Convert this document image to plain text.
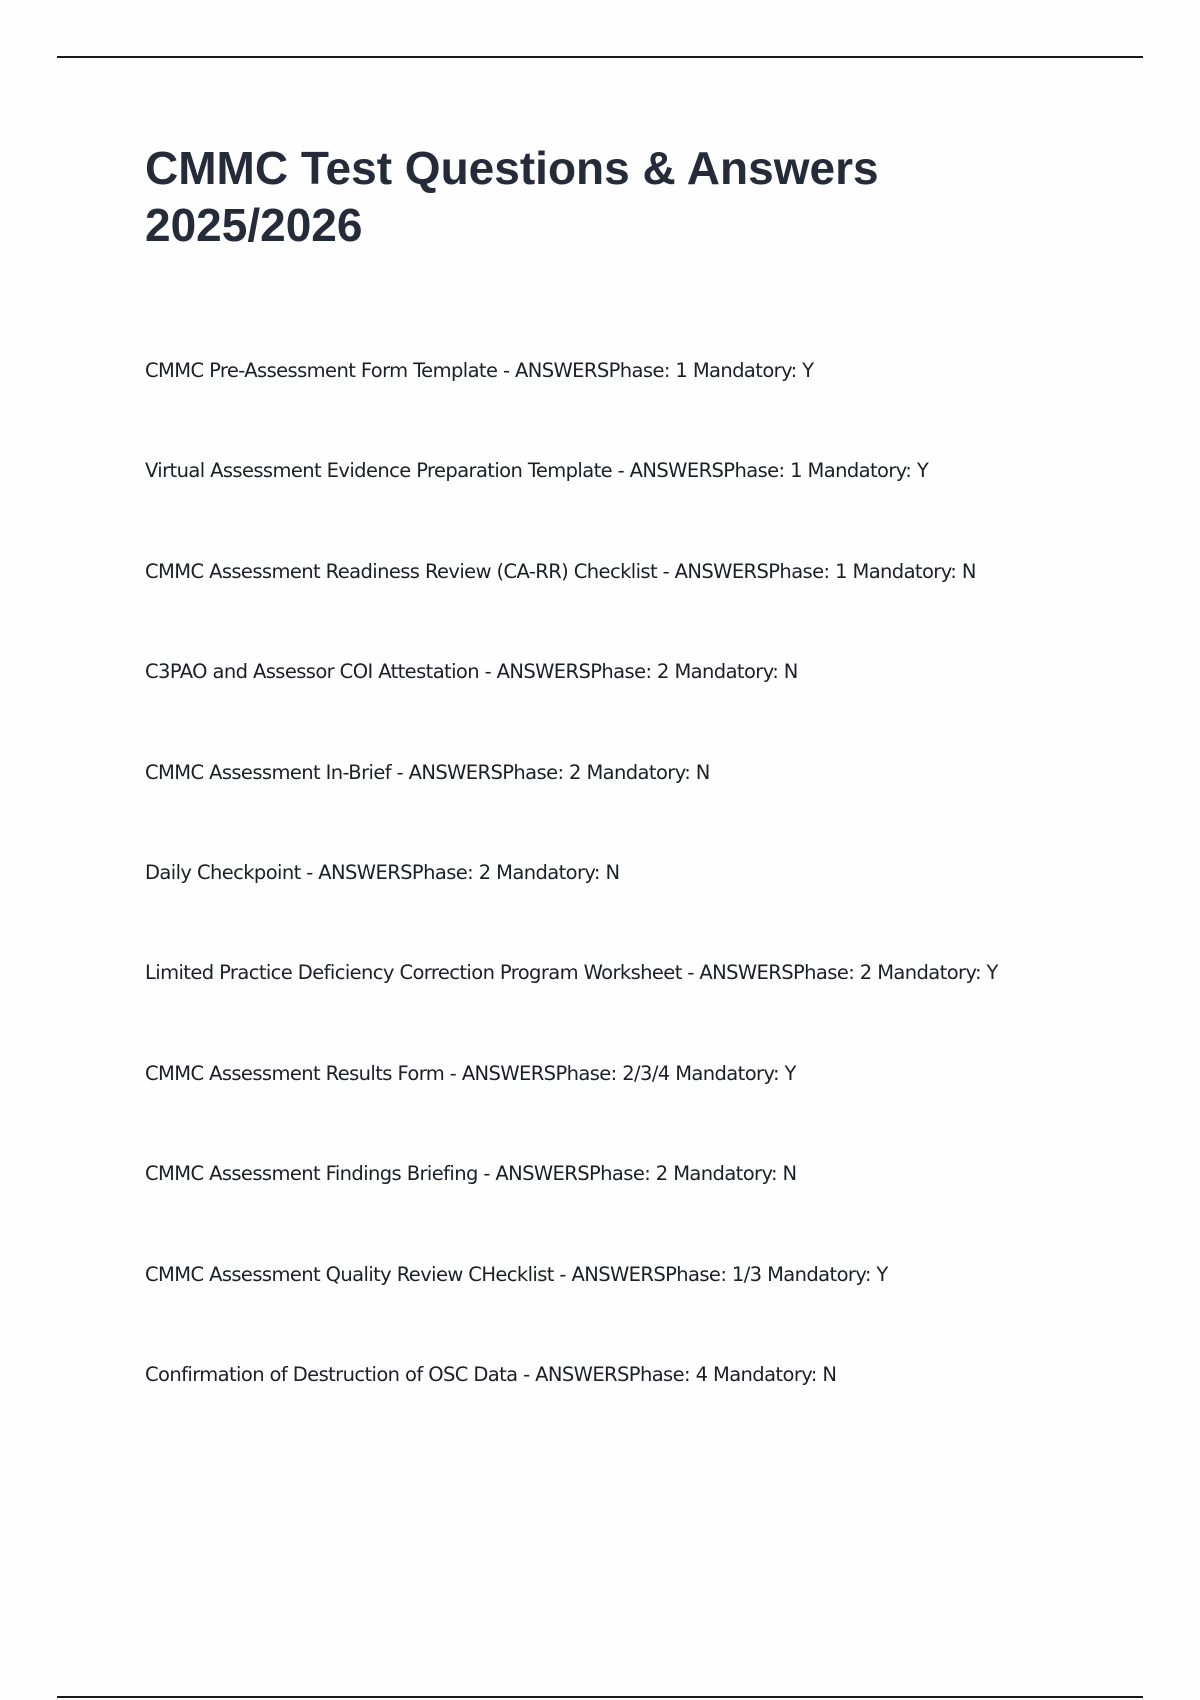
CMMC Test Questions & Answers
2025/2026
CMMC Pre-Assessment Form Template - ANSWERSPhase: 1 Mandatory: Y
Virtual Assessment Evidence Preparation Template - ANSWERSPhase: 1 Mandatory: Y
CMMC Assessment Readiness Review (CA-RR) Checklist - ANSWERSPhase: 1 Mandatory: N
C3PAO and Assessor COI Attestation - ANSWERSPhase: 2 Mandatory: N
CMMC Assessment In-Brief - ANSWERSPhase: 2 Mandatory: N
Daily Checkpoint - ANSWERSPhase: 2 Mandatory: N
Limited Practice Deficiency Correction Program Worksheet - ANSWERSPhase: 2 Mandatory: Y
CMMC Assessment Results Form - ANSWERSPhase: 2/3/4 Mandatory: Y
CMMC Assessment Findings Briefing - ANSWERSPhase: 2 Mandatory: N
CMMC Assessment Quality Review CHecklist - ANSWERSPhase: 1/3 Mandatory: Y
Confirmation of Destruction of OSC Data - ANSWERSPhase: 4 Mandatory: N
